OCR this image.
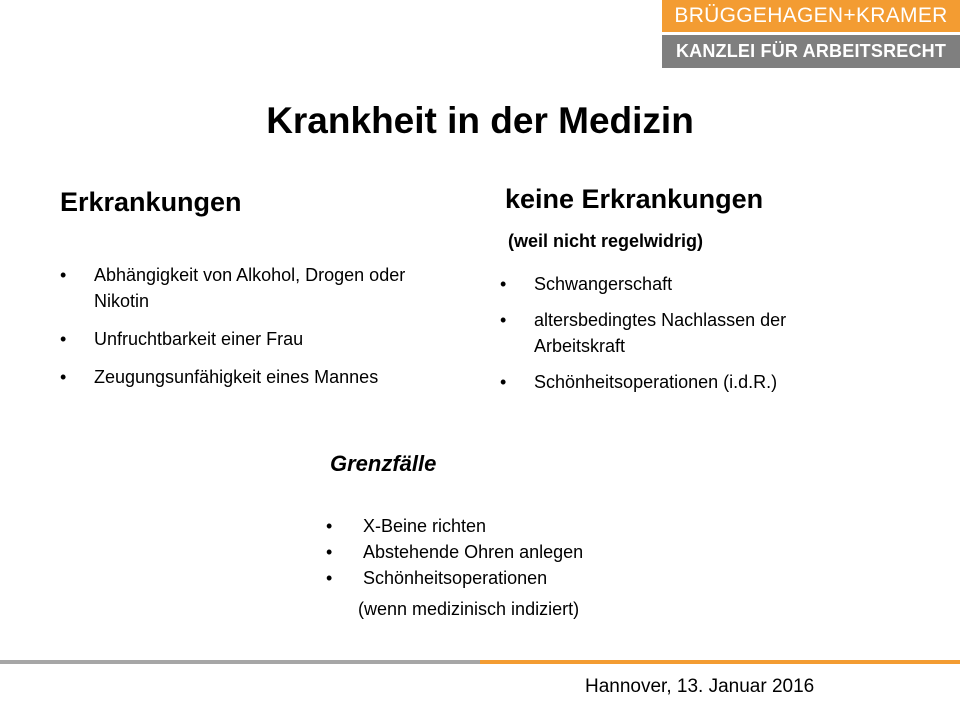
BRÜGGEHAGEN+KRAMER
KANZLEI FÜR ARBEITSRECHT
Krankheit in der Medizin
Erkrankungen
• Abhängigkeit von Alkohol, Drogen oder Nikotin
• Unfruchtbarkeit einer Frau
• Zeugungsunfähigkeit eines Mannes
keine Erkrankungen
(weil nicht regelwidrig)
• Schwangerschaft
• altersbedingtes Nachlassen der Arbeitskraft
• Schönheitsoperationen (i.d.R.)
Grenzfälle
• X-Beine richten
• Abstehende Ohren anlegen
• Schönheitsoperationen
(wenn medizinisch indiziert)
Hannover, 13. Januar 2016
